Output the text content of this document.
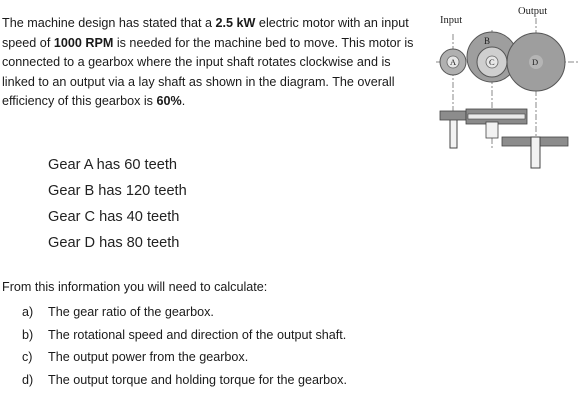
The machine design has stated that a 2.5 kW electric motor with an input speed of 1000 RPM is needed for the machine bed to move. This motor is connected to a gearbox where the input shaft rotates clockwise and is linked to an output via a lay shaft as shown in the diagram. The overall efficiency of this gearbox is 60%.

Gear A has 60 teeth
Gear B has 120 teeth
Gear C has 40 teeth
Gear D has 80 teeth

From this information you will need to calculate:

a)	The gear ratio of the gearbox.
b)	The rotational speed and direction of the output shaft.
c)	The output power from the gearbox.
d)	The output torque and holding torque for the gearbox.
Input
Output
A
B
C	D
